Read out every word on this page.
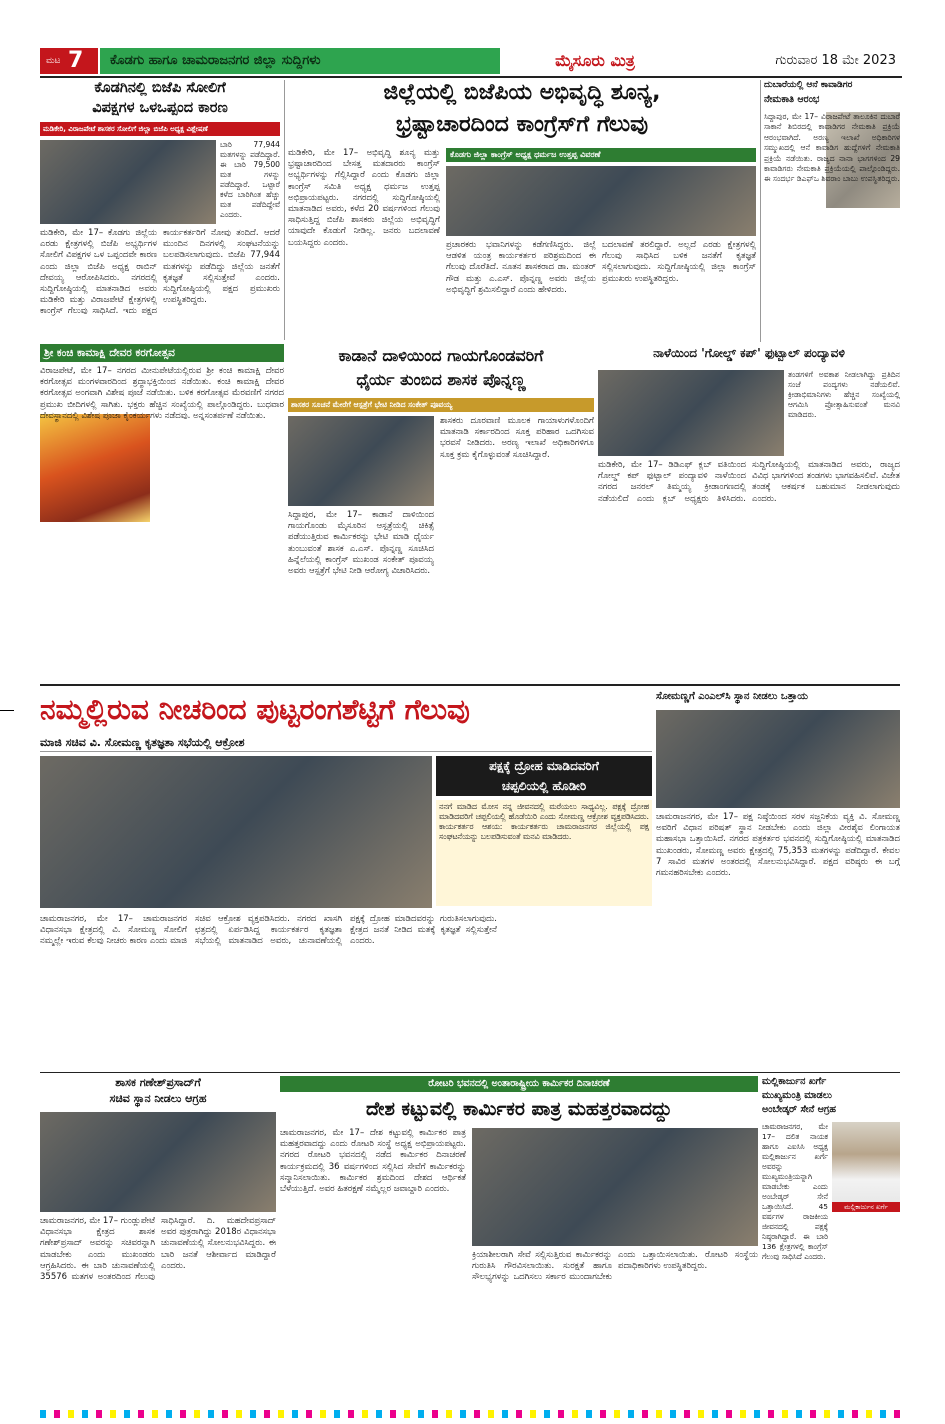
ಮಟ 7	ಕೊಡಗು ಹಾಗೂ ಚಾಮರಾಜನಗರ ಜಿಲ್ಲಾ ಸುದ್ದಿಗಳು	ಮೈಸೂರು ಮಿತ್ರ	ಗುರುವಾರ 18 ಮೇ 2023
ಕೊಡಗಿನಲ್ಲಿ ಬಿಜೆಪಿ ಸೋಲಿಗೆ
ವಿಪಕ್ಷಗಳ ಒಳಒಪ್ಪಂದ ಕಾರಣ
ಮಡಿಕೇರಿ, ವಿರಾಜಪೇಟೆ ಶಾಸಕರ ಸೋಲಿಗೆ ಜಿಲ್ಲಾ ಬಿಜೆಪಿ ಅಧ್ಯಕ್ಷ ವಿಶ್ಲೇಷಣೆ
ಬಾರಿ 77,944 ಮತಗಳನ್ನು ಪಡೆದಿದ್ದಾರೆ. ಈ ಬಾರಿ 79,500 ಮತ ಗಳನ್ನು ಪಡೆದಿದ್ದಾರೆ. ಒಟ್ಟಾರೆ ಕಳೆದ ಬಾರಿಗಿಂತ ಹೆಚ್ಚು ಮತ ಪಡೆದಿದ್ದೇವೆ ಎಂದರು.
ಮಡಿಕೇರಿ, ಮೇ 17– ಕೊಡಗು ಜಿಲ್ಲೆಯ ಎರಡು ಕ್ಷೇತ್ರಗಳಲ್ಲಿ ಬಿಜೆಪಿ ಅಭ್ಯರ್ಥಿಗಳ ಸೋಲಿಗೆ ವಿಪಕ್ಷಗಳ ಒಳ ಒಪ್ಪಂದವೇ ಕಾರಣ ಎಂದು ಜಿಲ್ಲಾ ಬಿಜೆಪಿ ಅಧ್ಯಕ್ಷ ರಾಬಿನ್ ದೇವಯ್ಯ ಆರೋಪಿಸಿದರು. ನಗರದಲ್ಲಿ ಸುದ್ದಿಗೋಷ್ಠಿಯಲ್ಲಿ ಮಾತನಾಡಿದ ಅವರು ಮಡಿಕೇರಿ ಮತ್ತು ವಿರಾಜಪೇಟೆ ಕ್ಷೇತ್ರಗಳಲ್ಲಿ ಕಾಂಗ್ರೆಸ್ ಗೆಲುವು ಸಾಧಿಸಿದೆ. ಇದು ಪಕ್ಷದ ಕಾರ್ಯಕರ್ತರಿಗೆ ನೋವು ತಂದಿದೆ. ಆದರೆ ಮುಂದಿನ ದಿನಗಳಲ್ಲಿ ಸಂಘಟನೆಯನ್ನು ಬಲಪಡಿಸಲಾಗುವುದು. ಬಿಜೆಪಿ 77,944 ಮತಗಳನ್ನು ಪಡೆದಿದ್ದು ಜಿಲ್ಲೆಯ ಜನತೆಗೆ ಕೃತಜ್ಞತೆ ಸಲ್ಲಿಸುತ್ತೇವೆ ಎಂದರು. ಸುದ್ದಿಗೋಷ್ಠಿಯಲ್ಲಿ ಪಕ್ಷದ ಪ್ರಮುಖರು ಉಪಸ್ಥಿತರಿದ್ದರು.
ಜಿಲ್ಲೆಯಲ್ಲಿ ಬಿಜೆಪಿಯ ಅಭಿವೃದ್ಧಿ ಶೂನ್ಯ,
ಭ್ರಷ್ಟಾಚಾರದಿಂದ ಕಾಂಗ್ರೆಸ್‌ಗೆ ಗೆಲುವು
ಮಡಿಕೇರಿ, ಮೇ 17– ಅಭಿವೃದ್ಧಿ ಶೂನ್ಯ ಮತ್ತು ಭ್ರಷ್ಟಾಚಾರದಿಂದ ಬೇಸತ್ತ ಮತದಾರರು ಕಾಂಗ್ರೆಸ್ ಅಭ್ಯರ್ಥಿಗಳನ್ನು ಗೆಲ್ಲಿಸಿದ್ದಾರೆ ಎಂದು ಕೊಡಗು ಜಿಲ್ಲಾ ಕಾಂಗ್ರೆಸ್ ಸಮಿತಿ ಅಧ್ಯಕ್ಷ ಧರ್ಮಜ ಉತ್ತಪ್ಪ ಅಭಿಪ್ರಾಯಪಟ್ಟರು. ನಗರದಲ್ಲಿ ಸುದ್ದಿಗೋಷ್ಠಿಯಲ್ಲಿ ಮಾತನಾಡಿದ ಅವರು, ಕಳೆದ 20 ವರ್ಷಗಳಿಂದ ಗೆಲುವು ಸಾಧಿಸುತ್ತಿದ್ದ ಬಿಜೆಪಿ ಶಾಸಕರು ಜಿಲ್ಲೆಯ ಅಭಿವೃದ್ಧಿಗೆ ಯಾವುದೇ ಕೊಡುಗೆ ನೀಡಿಲ್ಲ. ಜನರು ಬದಲಾವಣೆ ಬಯಸಿದ್ದರು ಎಂದರು.
ಕೊಡಗು ಜಿಲ್ಲಾ ಕಾಂಗ್ರೆಸ್ ಅಧ್ಯಕ್ಷ ಧರ್ಮಜ ಉತ್ತಪ್ಪ ವಿವರಣೆ
ಪ್ರಚಾರಕರು ಭವಾನಿಗಳನ್ನು ಕಡೆಗಣಿಸಿದ್ದರು. ಜಿಲ್ಲೆ ಆಡಳಿತ ಯಂತ್ರ ಕಾರ್ಯಕರ್ತರ ಪರಿಶ್ರಮದಿಂದ ಈ ಗೆಲುವು ದೊರೆತಿದೆ. ನೂತನ ಶಾಸಕರಾದ ಡಾ. ಮಂತರ್ ಗೌಡ ಮತ್ತು ಎ.ಎಸ್. ಪೊನ್ನಣ್ಣ ಅವರು ಜಿಲ್ಲೆಯ ಅಭಿವೃದ್ಧಿಗೆ ಶ್ರಮಿಸಲಿದ್ದಾರೆ ಎಂದು ಹೇಳಿದರು.
ಬದಲಾವಣೆ ತರಲಿದ್ದಾರೆ. ಅಲ್ಲದೆ ಎರಡು ಕ್ಷೇತ್ರಗಳಲ್ಲಿ ಗೆಲುವು ಸಾಧಿಸಿದ ಬಳಿಕ ಜನತೆಗೆ ಕೃತಜ್ಞತೆ ಸಲ್ಲಿಸಲಾಗುವುದು. ಸುದ್ದಿಗೋಷ್ಠಿಯಲ್ಲಿ ಜಿಲ್ಲಾ ಕಾಂಗ್ರೆಸ್ ಪ್ರಮುಖರು ಉಪಸ್ಥಿತರಿದ್ದರು.
ದುಬಾರೆಯಲ್ಲಿ ಆನೆ ಕಾವಾಡಿಗರ
ನೇಮಕಾತಿ ಆರಂಭ
ಸಿದ್ದಾಪುರ, ಮೇ 17– ವಿರಾಜಪೇಟೆ ತಾಲೂಕಿನ ದುಬಾರೆ ಸಾಕಾನೆ ಶಿಬಿರದಲ್ಲಿ ಕಾವಾಡಿಗರ ನೇಮಕಾತಿ ಪ್ರಕ್ರಿಯೆ ಆರಂಭವಾಗಿದೆ. ಅರಣ್ಯ ಇಲಾಖೆ ಅಧಿಕಾರಿಗಳ ಸಮ್ಮುಖದಲ್ಲಿ ಆನೆ ಕಾವಾಡಿಗ ಹುದ್ದೆಗಳಿಗೆ ನೇಮಕಾತಿ ಪ್ರಕ್ರಿಯೆ ನಡೆಯಿತು. ರಾಜ್ಯದ ನಾನಾ ಭಾಗಗಳಿಂದ 29 ಕಾವಾಡಿಗರು ನೇಮಕಾತಿ ಪ್ರಕ್ರಿಯೆಯಲ್ಲಿ ಪಾಲ್ಗೊಂಡಿದ್ದರು. ಈ ಸಂದರ್ಭ ಡಿಎಫ್ಒ ಶಿವರಾಂ ಬಾಬು ಉಪಸ್ಥಿತರಿದ್ದರು.
ಕಾಡಾನೆ ದಾಳಿಯಿಂದ ಗಾಯಗೊಂಡವರಿಗೆ
ಧೈರ್ಯ ತುಂಬಿದ ಶಾಸಕ ಪೊನ್ನಣ್ಣ
ಶಾಸಕರ ಸೂಚನೆ ಮೇರೆಗೆ ಆಸ್ಪತ್ರೆಗೆ ಭೇಟಿ ನೀಡಿದ ಸಂಕೇತ್ ಪೂವಯ್ಯ
ಸಿದ್ದಾಪುರ, ಮೇ 17– ಕಾಡಾನೆ ದಾಳಿಯಿಂದ ಗಾಯಗೊಂಡು ಮೈಸೂರಿನ ಆಸ್ಪತ್ರೆಯಲ್ಲಿ ಚಿಕಿತ್ಸೆ ಪಡೆಯುತ್ತಿರುವ ಕಾರ್ಮಿಕರನ್ನು ಭೇಟಿ ಮಾಡಿ ಧೈರ್ಯ ತುಂಬುವಂತೆ ಶಾಸಕ ಎ.ಎಸ್. ಪೊನ್ನಣ್ಣ ಸೂಚಿಸಿದ ಹಿನ್ನೆಲೆಯಲ್ಲಿ ಕಾಂಗ್ರೆಸ್ ಮುಖಂಡ ಸಂಕೇತ್ ಪೂವಯ್ಯ ಅವರು ಆಸ್ಪತ್ರೆಗೆ ಭೇಟಿ ನೀಡಿ ಆರೋಗ್ಯ ವಿಚಾರಿಸಿದರು.
ಶಾಸಕರು ದೂರವಾಣಿ ಮೂಲಕ ಗಾಯಾಳುಗಳೊಂದಿಗೆ ಮಾತನಾಡಿ ಸರ್ಕಾರದಿಂದ ಸೂಕ್ತ ಪರಿಹಾರ ಒದಗಿಸುವ ಭರವಸೆ ನೀಡಿದರು. ಅರಣ್ಯ ಇಲಾಖೆ ಅಧಿಕಾರಿಗಳಿಗೂ ಸೂಕ್ತ ಕ್ರಮ ಕೈಗೊಳ್ಳುವಂತೆ ಸೂಚಿಸಿದ್ದಾರೆ.
ಶ್ರೀ ಕಂಚಿ ಕಾಮಾಕ್ಷಿ ದೇವರ ಕರಗೋತ್ಸವ
ವಿರಾಜಪೇಟೆ, ಮೇ 17– ನಗರದ ಮೀನುಪೇಟೆಯಲ್ಲಿರುವ ಶ್ರೀ ಕಂಚಿ ಕಾಮಾಕ್ಷಿ ದೇವರ ಕರಗೋತ್ಸವ ಮಂಗಳವಾರದಿಂದ ಶ್ರದ್ಧಾಭಕ್ತಿಯಿಂದ ನಡೆಯಿತು. ಕಂಚಿ ಕಾಮಾಕ್ಷಿ ದೇವರ ಕರಗೋತ್ಸವ ಅಂಗವಾಗಿ ವಿಶೇಷ ಪೂಜೆ ನಡೆಯಿತು. ಬಳಿಕ ಕರಗೋತ್ಸವ ಮೆರವಣಿಗೆ ನಗರದ ಪ್ರಮುಖ ಬೀದಿಗಳಲ್ಲಿ ಸಾಗಿತು. ಭಕ್ತರು ಹೆಚ್ಚಿನ ಸಂಖ್ಯೆಯಲ್ಲಿ ಪಾಲ್ಗೊಂಡಿದ್ದರು. ಬುಧವಾರ ದೇವಸ್ಥಾನದಲ್ಲಿ ವಿಶೇಷ ಪೂಜಾ ಕೈಂಕರ್ಯಗಳು ನಡೆದವು. ಅನ್ನಸಂತರ್ಪಣೆ ನಡೆಯಿತು.
ನಾಳೆಯಿಂದ 'ಗೋಲ್ಡ್ ಕಪ್' ಫುಟ್ಬಾಲ್ ಪಂದ್ಯಾವಳಿ
ತಂಡಗಳಿಗೆ ಅವಕಾಶ ನೀಡಲಾಗಿದ್ದು ಪ್ರತಿದಿನ ಸಂಜೆ ಪಂದ್ಯಗಳು ನಡೆಯಲಿವೆ. ಕ್ರೀಡಾಭಿಮಾನಿಗಳು ಹೆಚ್ಚಿನ ಸಂಖ್ಯೆಯಲ್ಲಿ ಆಗಮಿಸಿ ಪ್ರೋತ್ಸಾಹಿಸುವಂತೆ ಮನವಿ ಮಾಡಿದರು.
ಮಡಿಕೇರಿ, ಮೇ 17– ಡಿಡಿಎಫ್ ಕ್ಲಬ್ ವತಿಯಿಂದ ಗೋಲ್ಡ್ ಕಪ್ ಫುಟ್ಬಾಲ್ ಪಂದ್ಯಾವಳಿ ನಾಳೆಯಿಂದ ನಗರದ ಜನರಲ್ ತಿಮ್ಮಯ್ಯ ಕ್ರೀಡಾಂಗಣದಲ್ಲಿ ನಡೆಯಲಿದೆ ಎಂದು ಕ್ಲಬ್ ಅಧ್ಯಕ್ಷರು ತಿಳಿಸಿದರು. ಸುದ್ದಿಗೋಷ್ಠಿಯಲ್ಲಿ ಮಾತನಾಡಿದ ಅವರು, ರಾಜ್ಯದ ವಿವಿಧ ಭಾಗಗಳಿಂದ ತಂಡಗಳು ಭಾಗವಹಿಸಲಿವೆ. ವಿಜೇತ ತಂಡಕ್ಕೆ ಆಕರ್ಷಕ ಬಹುಮಾನ ನೀಡಲಾಗುವುದು ಎಂದರು.
ನಮ್ಮಲ್ಲಿರುವ ನೀಚರಿಂದ ಪುಟ್ಟರಂಗಶೆಟ್ಟಿಗೆ ಗೆಲುವು
ಮಾಜಿ ಸಚಿವ ವಿ. ಸೋಮಣ್ಣ ಕೃತಜ್ಞತಾ ಸಭೆಯಲ್ಲಿ ಆಕ್ರೋಶ
ಪಕ್ಷಕ್ಕೆ ದ್ರೋಹ ಮಾಡಿದವರಿಗೆ
ಚಪ್ಪಲಿಯಲ್ಲಿ ಹೊಡೀರಿ
ನನಗೆ ಮಾಡಿದ ಮೋಸ ನನ್ನ ಜೀವನದಲ್ಲಿ ಮರೆಯಲು ಸಾಧ್ಯವಿಲ್ಲ. ಪಕ್ಷಕ್ಕೆ ದ್ರೋಹ ಮಾಡಿದವರಿಗೆ ಚಪ್ಪಲಿಯಲ್ಲಿ ಹೊಡೆಯಿರಿ ಎಂದು ಸೋಮಣ್ಣ ಆಕ್ರೋಶ ವ್ಯಕ್ತಪಡಿಸಿದರು. ಕಾರ್ಯಕರ್ತರ ಆಶಯ: ಕಾರ್ಯಕರ್ತರು ಚಾಮರಾಜನಗರ ಜಿಲ್ಲೆಯಲ್ಲಿ ಪಕ್ಷ ಸಂಘಟನೆಯನ್ನು ಬಲಪಡಿಸುವಂತೆ ಮನವಿ ಮಾಡಿದರು.
ಚಾಮರಾಜನಗರ, ಮೇ 17– ಚಾಮರಾಜನಗರ ವಿಧಾನಸಭಾ ಕ್ಷೇತ್ರದಲ್ಲಿ ವಿ. ಸೋಮಣ್ಣ ಸೋಲಿಗೆ ನಮ್ಮಲ್ಲೇ ಇರುವ ಕೆಲವು ನೀಚರು ಕಾರಣ ಎಂದು ಮಾಜಿ ಸಚಿವ ಆಕ್ರೋಶ ವ್ಯಕ್ತಪಡಿಸಿದರು. ನಗರದ ಖಾಸಗಿ ಛತ್ರದಲ್ಲಿ ಏರ್ಪಡಿಸಿದ್ದ ಕಾರ್ಯಕರ್ತರ ಕೃತಜ್ಞತಾ ಸಭೆಯಲ್ಲಿ ಮಾತನಾಡಿದ ಅವರು, ಚುನಾವಣೆಯಲ್ಲಿ ಪಕ್ಷಕ್ಕೆ ದ್ರೋಹ ಮಾಡಿದವರನ್ನು ಗುರುತಿಸಲಾಗುವುದು. ಕ್ಷೇತ್ರದ ಜನತೆ ನೀಡಿದ ಮತಕ್ಕೆ ಕೃತಜ್ಞತೆ ಸಲ್ಲಿಸುತ್ತೇನೆ ಎಂದರು.
ಸೋಮಣ್ಣಗೆ ಎಂಎಲ್‌ಸಿ ಸ್ಥಾನ ನೀಡಲು ಒತ್ತಾಯ
ಚಾಮರಾಜನಗರ, ಮೇ 17– ಪಕ್ಷ ನಿಷ್ಠೆಯಿಂದ ಸರಳ ಸಜ್ಜನಿಕೆಯ ವ್ಯಕ್ತಿ ವಿ. ಸೋಮಣ್ಣ ಅವರಿಗೆ ವಿಧಾನ ಪರಿಷತ್ ಸ್ಥಾನ ನೀಡಬೇಕು ಎಂದು ಜಿಲ್ಲಾ ವೀರಶೈವ ಲಿಂಗಾಯತ ಮಹಾಸಭಾ ಒತ್ತಾಯಿಸಿದೆ. ನಗರದ ಪತ್ರಕರ್ತರ ಭವನದಲ್ಲಿ ಸುದ್ದಿಗೋಷ್ಠಿಯಲ್ಲಿ ಮಾತನಾಡಿದ ಮುಖಂಡರು, ಸೋಮಣ್ಣ ಅವರು ಕ್ಷೇತ್ರದಲ್ಲಿ 75,353 ಮತಗಳನ್ನು ಪಡೆದಿದ್ದಾರೆ. ಕೇವಲ 7 ಸಾವಿರ ಮತಗಳ ಅಂತರದಲ್ಲಿ ಸೋಲನುಭವಿಸಿದ್ದಾರೆ. ಪಕ್ಷದ ವರಿಷ್ಠರು ಈ ಬಗ್ಗೆ ಗಮನಹರಿಸಬೇಕು ಎಂದರು.
ಶಾಸಕ ಗಣೇಶ್‌ಪ್ರಸಾದ್‌ಗೆ
ಸಚಿವ ಸ್ಥಾನ ನೀಡಲು ಆಗ್ರಹ
ಚಾಮರಾಜನಗರ, ಮೇ 17– ಗುಂಡ್ಲುಪೇಟೆ ವಿಧಾನಸಭಾ ಕ್ಷೇತ್ರದ ಶಾಸಕ ಗಣೇಶ್‌ಪ್ರಸಾದ್ ಅವರನ್ನು ಸಚಿವರನ್ನಾಗಿ ಮಾಡಬೇಕು ಎಂದು ಮುಖಂಡರು ಆಗ್ರಹಿಸಿದರು. ಈ ಬಾರಿ ಚುನಾವಣೆಯಲ್ಲಿ 35576 ಮತಗಳ ಅಂತರದಿಂದ ಗೆಲುವು ಸಾಧಿಸಿದ್ದಾರೆ. ದಿ. ಮಹದೇವಪ್ರಸಾದ್ ಅವರ ಪುತ್ರರಾಗಿದ್ದು 2018ರ ವಿಧಾನಸಭಾ ಚುನಾವಣೆಯಲ್ಲಿ ಸೋಲನುಭವಿಸಿದ್ದರು. ಈ ಬಾರಿ ಜನತೆ ಆಶೀರ್ವಾದ ಮಾಡಿದ್ದಾರೆ ಎಂದರು.
ರೋಟರಿ ಭವನದಲ್ಲಿ ಅಂತಾರಾಷ್ಟ್ರೀಯ ಕಾರ್ಮಿಕರ ದಿನಾಚರಣೆ
ದೇಶ ಕಟ್ಟುವಲ್ಲಿ ಕಾರ್ಮಿಕರ ಪಾತ್ರ ಮಹತ್ತರವಾದದ್ದು
ಚಾಮರಾಜನಗರ, ಮೇ 17– ದೇಶ ಕಟ್ಟುವಲ್ಲಿ ಕಾರ್ಮಿಕರ ಪಾತ್ರ ಮಹತ್ತರವಾದದ್ದು ಎಂದು ರೋಟರಿ ಸಂಸ್ಥೆ ಅಧ್ಯಕ್ಷ ಅಭಿಪ್ರಾಯಪಟ್ಟರು. ನಗರದ ರೋಟರಿ ಭವನದಲ್ಲಿ ನಡೆದ ಕಾರ್ಮಿಕರ ದಿನಾಚರಣೆ ಕಾರ್ಯಕ್ರಮದಲ್ಲಿ 36 ವರ್ಷಗಳಿಂದ ಸಲ್ಲಿಸಿದ ಸೇವೆಗೆ ಕಾರ್ಮಿಕರನ್ನು ಸನ್ಮಾನಿಸಲಾಯಿತು. ಕಾರ್ಮಿಕರ ಶ್ರಮದಿಂದ ದೇಶದ ಆರ್ಥಿಕತೆ ಬೆಳೆಯುತ್ತಿದೆ. ಅವರ ಹಿತರಕ್ಷಣೆ ನಮ್ಮೆಲ್ಲರ ಜವಾಬ್ದಾರಿ ಎಂದರು.
ಕ್ರಿಯಾಶೀಲರಾಗಿ ಸೇವೆ ಸಲ್ಲಿಸುತ್ತಿರುವ ಕಾರ್ಮಿಕರನ್ನು ಗುರುತಿಸಿ ಗೌರವಿಸಲಾಯಿತು. ಸುರಕ್ಷತೆ ಹಾಗೂ ಸೌಲಭ್ಯಗಳನ್ನು ಒದಗಿಸಲು ಸರ್ಕಾರ ಮುಂದಾಗಬೇಕು ಎಂದು ಒತ್ತಾಯಿಸಲಾಯಿತು. ರೋಟರಿ ಸಂಸ್ಥೆಯ ಪದಾಧಿಕಾರಿಗಳು ಉಪಸ್ಥಿತರಿದ್ದರು.
ಮಲ್ಲಿಕಾರ್ಜುನ ಖರ್ಗೆ
ಮುಖ್ಯಮಂತ್ರಿ ಮಾಡಲು
ಅಂಬೇಡ್ಕರ್ ಸೇನೆ ಆಗ್ರಹ
ಮಲ್ಲಿಕಾರ್ಜುನ ಖರ್ಗೆ
ಚಾಮರಾಜನಗರ, ಮೇ 17– ದಲಿತ ನಾಯಕ ಹಾಗೂ ಎಐಸಿಸಿ ಅಧ್ಯಕ್ಷ ಮಲ್ಲಿಕಾರ್ಜುನ ಖರ್ಗೆ ಅವರನ್ನು ಮುಖ್ಯಮಂತ್ರಿಯನ್ನಾಗಿ ಮಾಡಬೇಕು ಎಂದು ಅಂಬೇಡ್ಕರ್ ಸೇನೆ ಒತ್ತಾಯಿಸಿದೆ. 45 ವರ್ಷಗಳ ರಾಜಕೀಯ ಜೀವನದಲ್ಲಿ ಪಕ್ಷಕ್ಕೆ ನಿಷ್ಠರಾಗಿದ್ದಾರೆ. ಈ ಬಾರಿ 136 ಕ್ಷೇತ್ರಗಳಲ್ಲಿ ಕಾಂಗ್ರೆಸ್ ಗೆಲುವು ಸಾಧಿಸಿದೆ ಎಂದರು.
